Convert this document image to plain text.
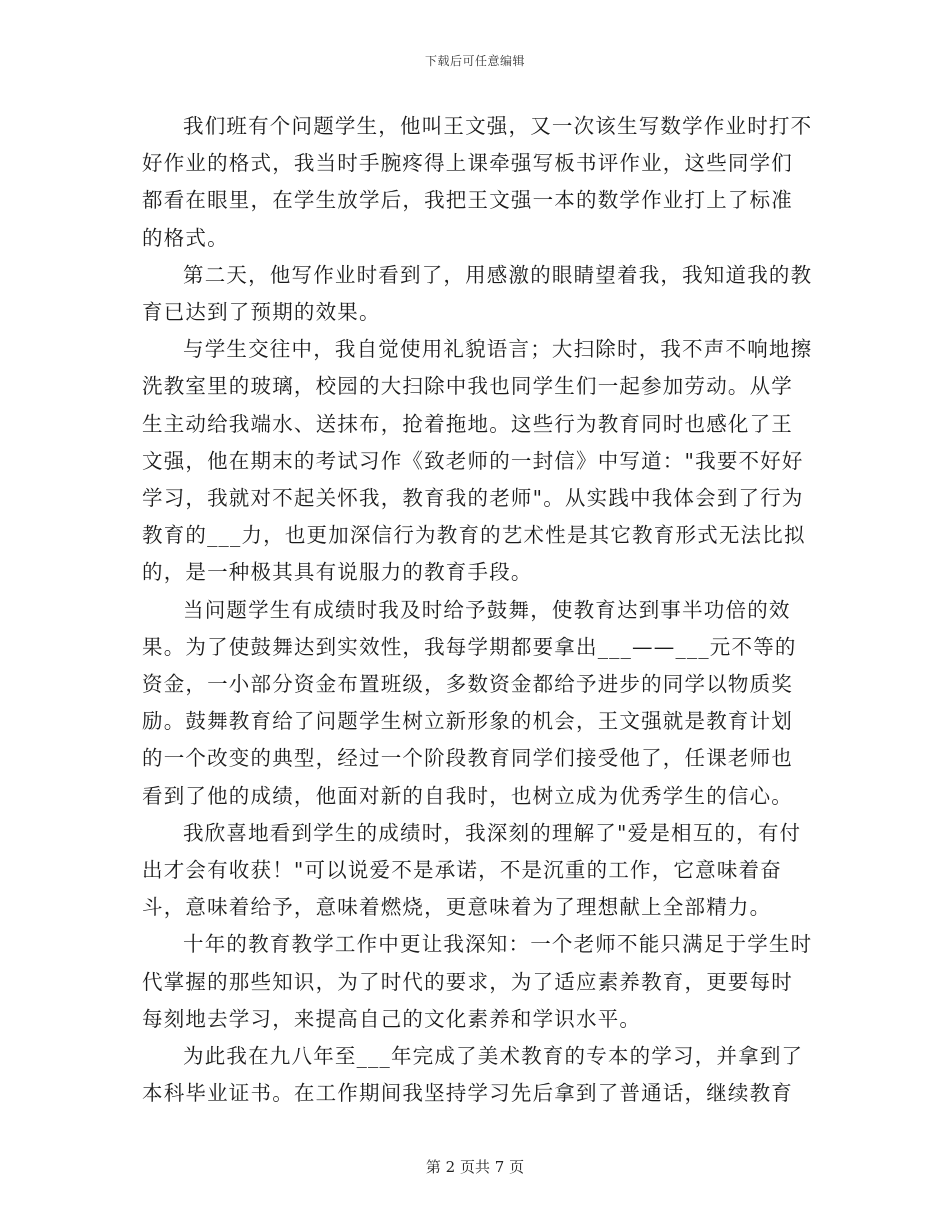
下载后可任意编辑

我们班有个问题学生，他叫王文强，又一次该生写数学作业时打不好作业的格式，我当时手腕疼得上课牵强写板书评作业，这些同学们都看在眼里，在学生放学后，我把王文强一本的数学作业打上了标准的格式。

第二天，他写作业时看到了，用感激的眼睛望着我，我知道我的教育已达到了预期的效果。

与学生交往中，我自觉使用礼貌语言；大扫除时，我不声不响地擦洗教室里的玻璃，校园的大扫除中我也同学生们一起参加劳动。从学生主动给我端水、送抹布，抢着拖地。这些行为教育同时也感化了王文强，他在期末的考试习作《致老师的一封信》中写道："我要不好好学习，我就对不起关怀我，教育我的老师"。从实践中我体会到了行为教育的___力，也更加深信行为教育的艺术性是其它教育形式无法比拟的，是一种极其具有说服力的教育手段。

当问题学生有成绩时我及时给予鼓舞，使教育达到事半功倍的效果。为了使鼓舞达到实效性，我每学期都要拿出___——___元不等的资金，一小部分资金布置班级，多数资金都给予进步的同学以物质奖励。鼓舞教育给了问题学生树立新形象的机会，王文强就是教育计划的一个改变的典型，经过一个阶段教育同学们接受他了，任课老师也看到了他的成绩，他面对新的自我时，也树立成为优秀学生的信心。

我欣喜地看到学生的成绩时，我深刻的理解了"爱是相互的，有付出才会有收获！"可以说爱不是承诺，不是沉重的工作，它意味着奋斗，意味着给予，意味着燃烧，更意味着为了理想献上全部精力。

十年的教育教学工作中更让我深知：一个老师不能只满足于学生时代掌握的那些知识，为了时代的要求，为了适应素养教育，更要每时每刻地去学习，来提高自己的文化素养和学识水平。

为此我在九八年至___年完成了美术教育的专本的学习，并拿到了本科毕业证书。在工作期间我坚持学习先后拿到了普通话，继续教育

第 2 页共 7 页
